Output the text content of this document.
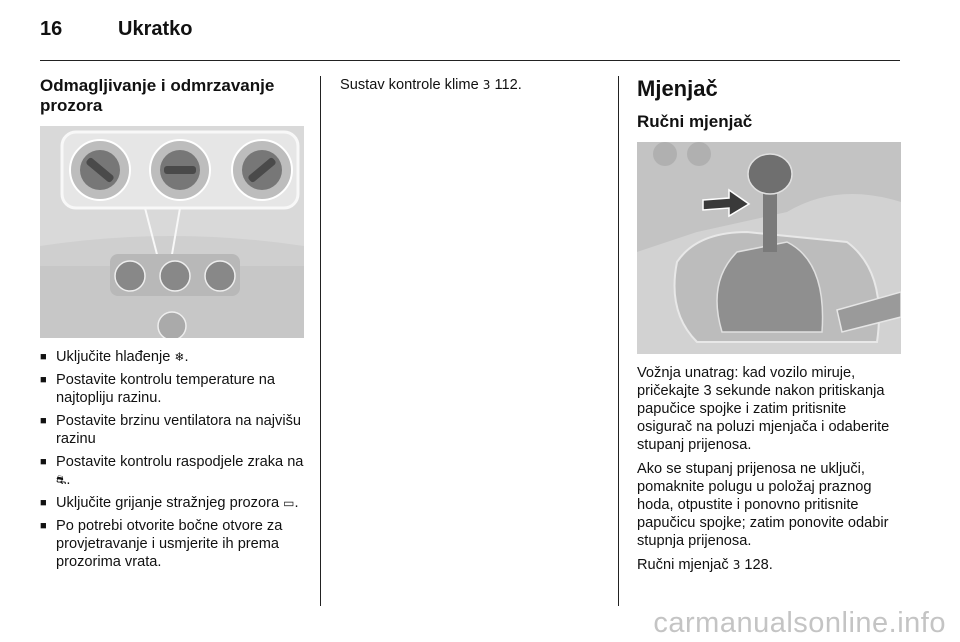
16	Ukratko
Odmagljivanje i odmrzavanje prozora
■ Uključite hlađenje ❄.
■ Postavite kontrolu temperature na najtopliju razinu.
■ Postavite brzinu ventilatora na najvišu razinu
■ Postavite kontrolu raspodjele zraka na ⛐.
■ Uključite grijanje stražnjeg prozora ▭.
■ Po potrebi otvorite bočne otvore za provjetravanje i usmjerite ih prema prozorima vrata.

Sustav kontrole klime 3 112.	Mjenjač
Ručni mjenjač

Vožnja unatrag: kad vozilo miruje, pričekajte 3 sekunde nakon pritiskanja papučice spojke i zatim pritisnite osigurač na poluzi mjenjača i odaberite stupanj prijenosa.

Ako se stupanj prijenosa ne uključi, pomaknite polugu u položaj praznog hoda, otpustite i ponovno pritisnite papučicu spojke; zatim ponovite odabir stupnja prijenosa.

Ručni mjenjač 3 128.

carmanualsonline.info
